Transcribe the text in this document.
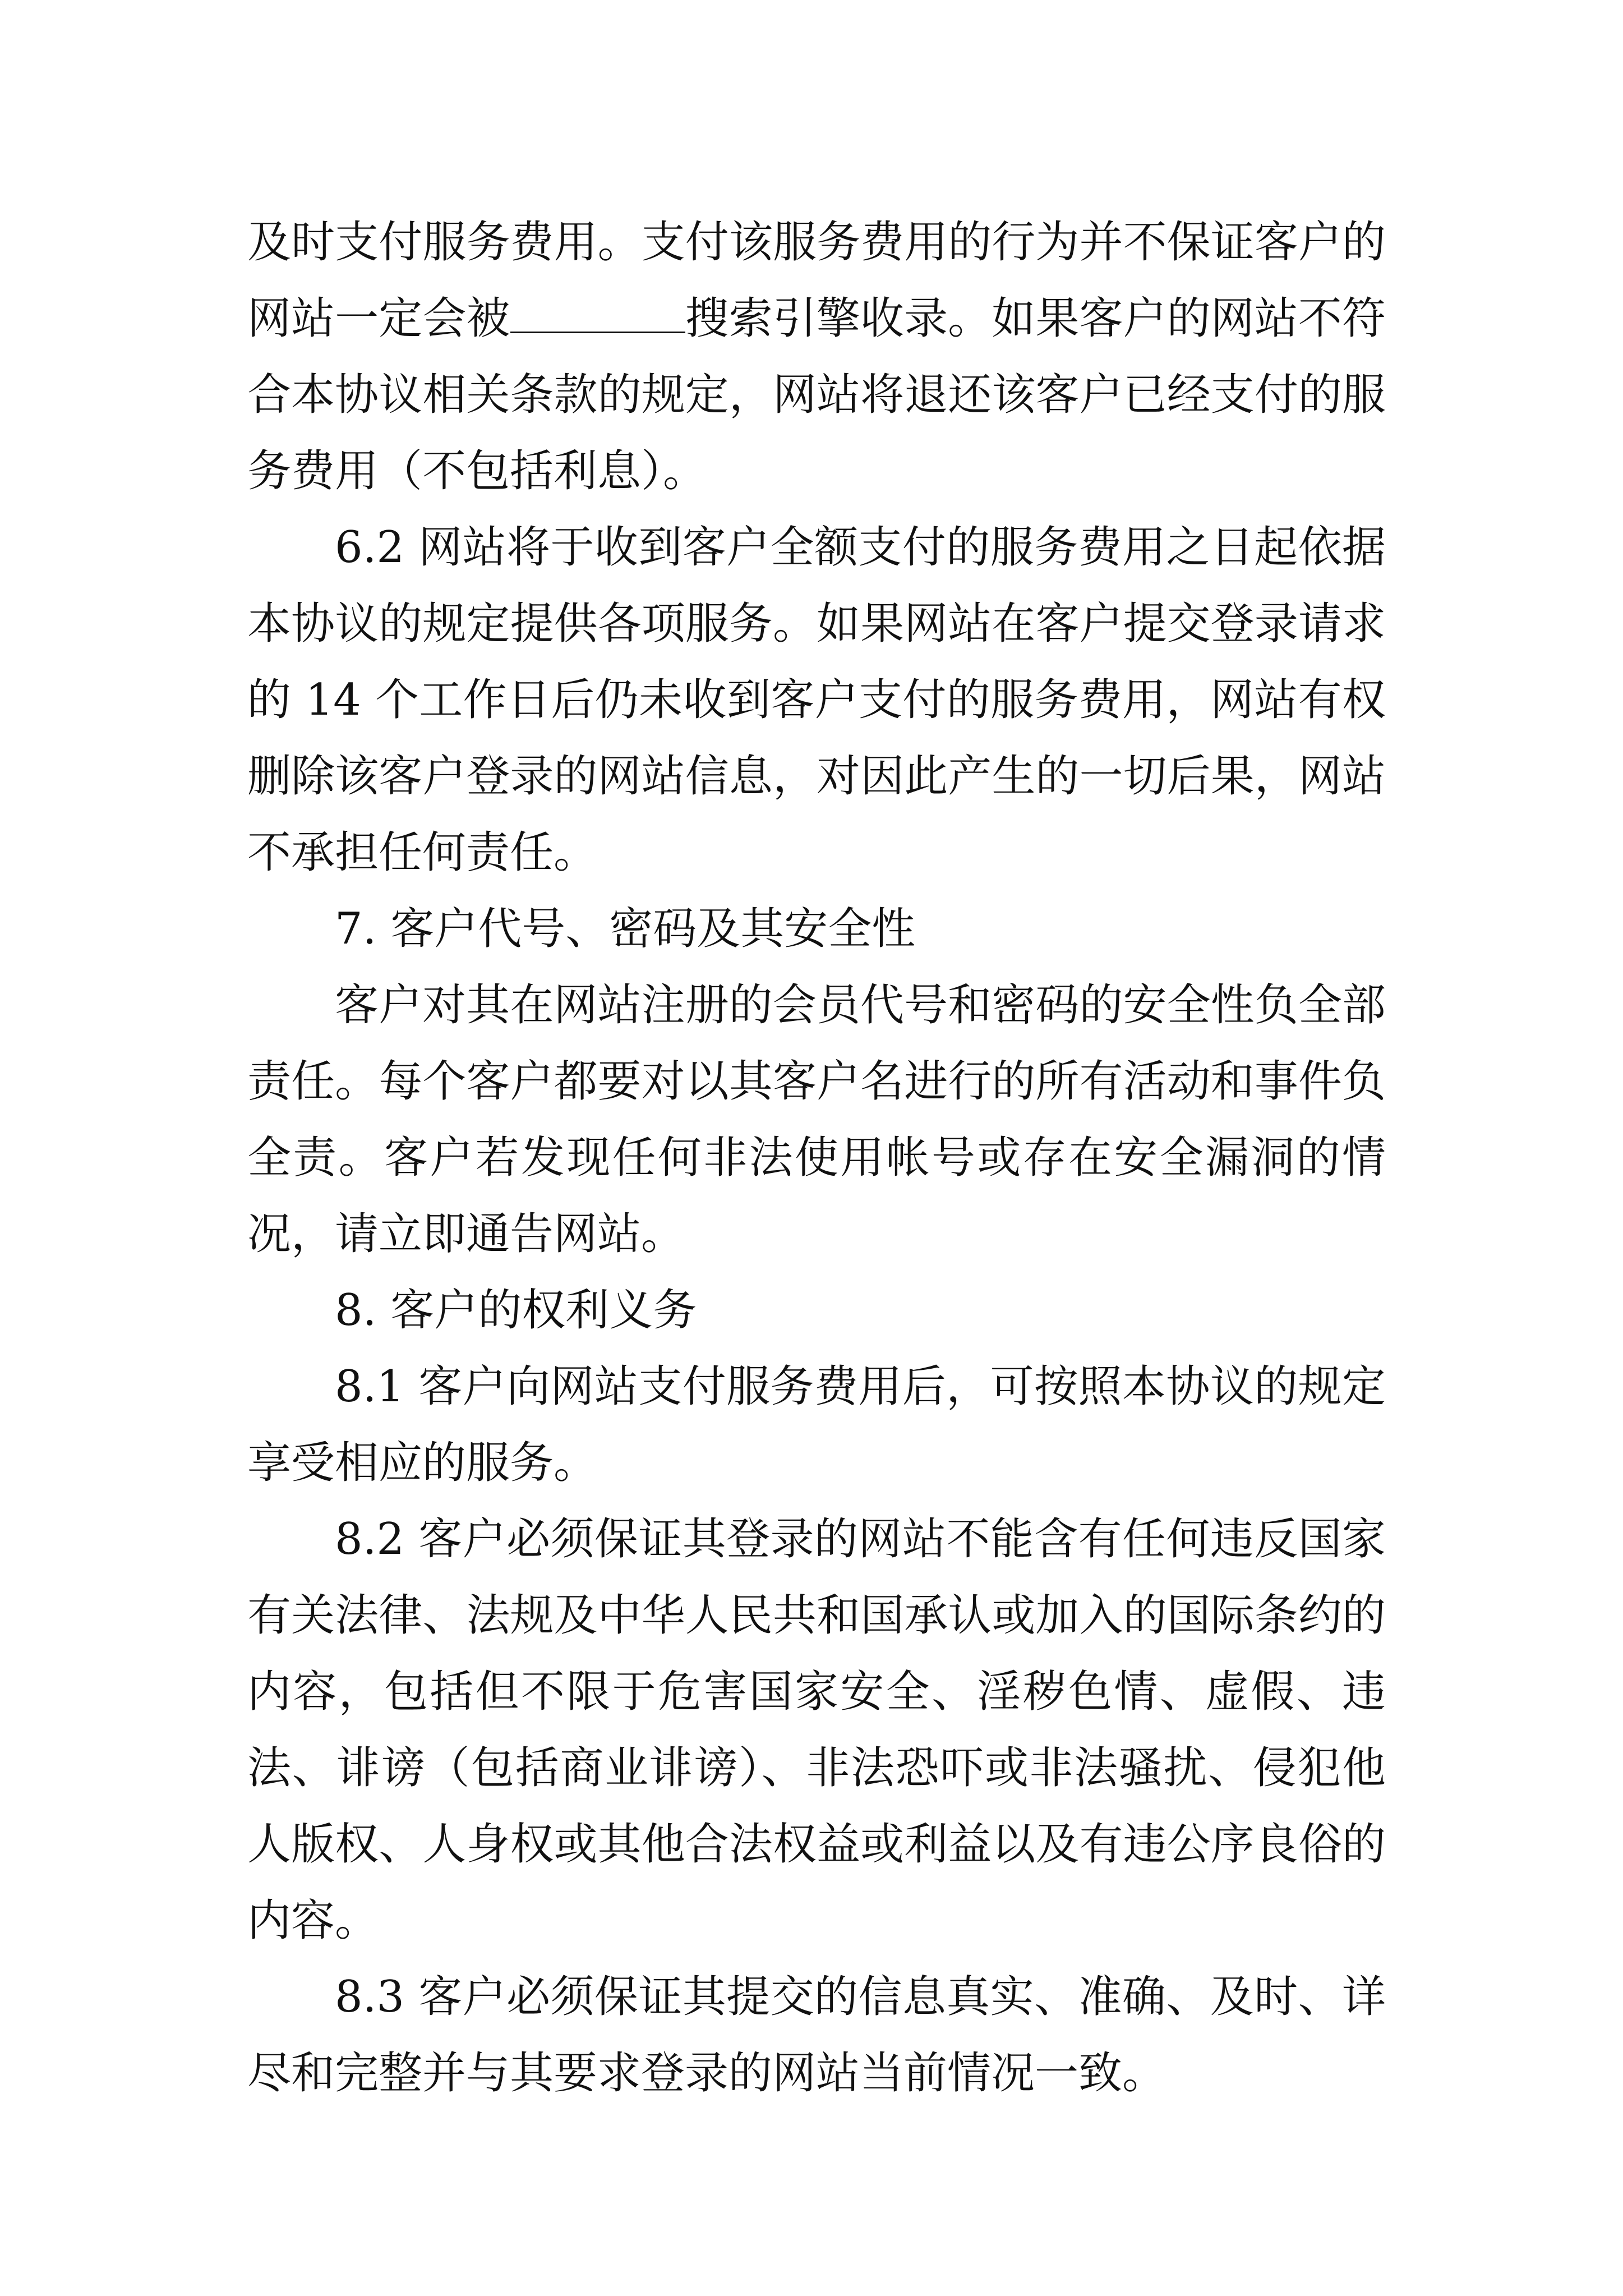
及时支付服务费用。支付该服务费用的行为并不保证客户的网站一定会被	搜索引擎收录。如果客户的网站不符合本协议相关条款的规定，网站将退还该客户已经支付的服务费用（不包括利息）。

6.2 网站将于收到客户全额支付的服务费用之日起依据本协议的规定提供各项服务。如果网站在客户提交登录请求的 14 个工作日后仍未收到客户支付的服务费用，网站有权删除该客户登录的网站信息，对因此产生的一切后果，网站不承担任何责任。

7. 客户代号、密码及其安全性

客户对其在网站注册的会员代号和密码的安全性负全部责任。每个客户都要对以其客户名进行的所有活动和事件负全责。客户若发现任何非法使用帐号或存在安全漏洞的情况，请立即通告网站。

8. 客户的权利义务

8.1 客户向网站支付服务费用后，可按照本协议的规定享受相应的服务。

8.2 客户必须保证其登录的网站不能含有任何违反国家有关法律、法规及中华人民共和国承认或加入的国际条约的内容，包括但不限于危害国家安全、淫秽色情、虚假、违法、诽谤（包括商业诽谤）、非法恐吓或非法骚扰、侵犯他人版权、人身权或其他合法权益或利益以及有违公序良俗的内容。

8.3 客户必须保证其提交的信息真实、准确、及时、详尽和完整并与其要求登录的网站当前情况一致。
